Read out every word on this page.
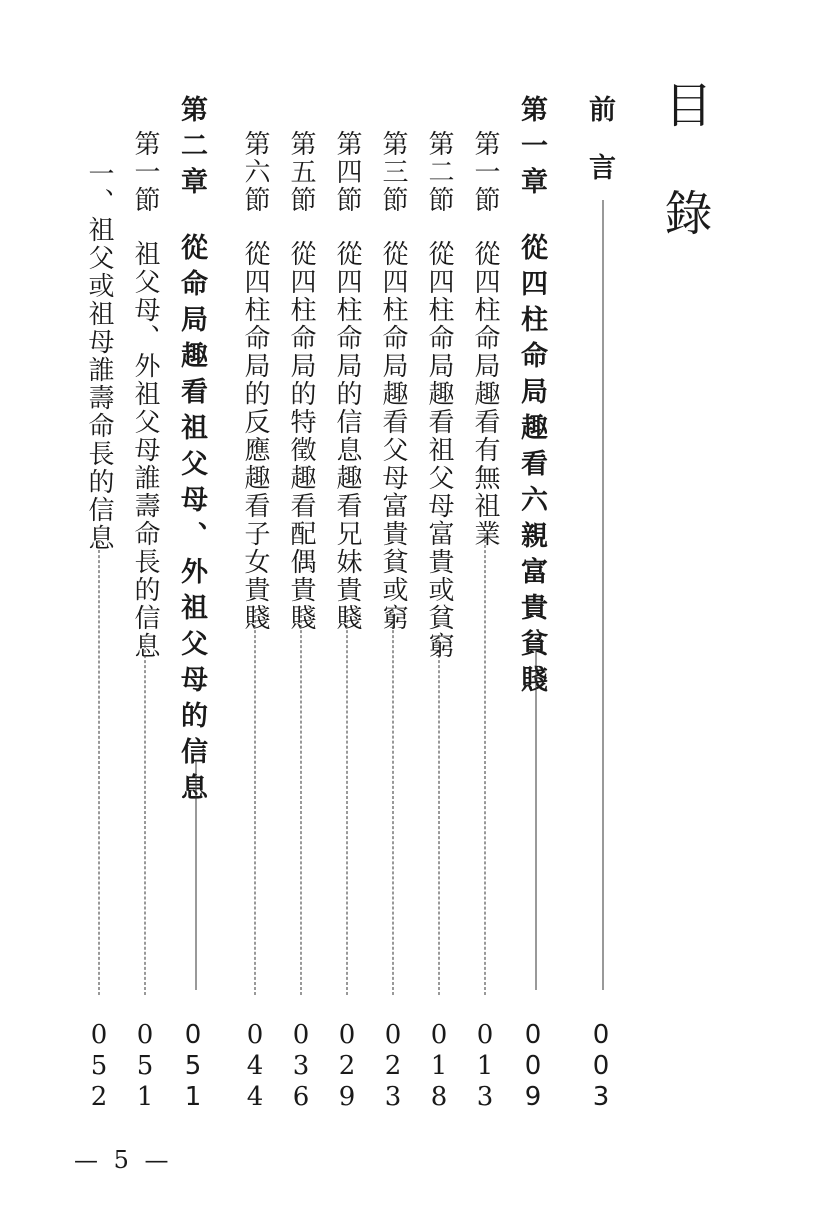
目錄
前　言
003
第一章從四柱命局趣看六親富貴貧賤
009
第一節從四柱命局趣看有無祖業
013
第二節從四柱命局趣看祖父母富貴或貧窮
018
第三節從四柱命局趣看父母富貴貧或窮
023
第四節從四柱命局的信息趣看兄妹貴賤
029
第五節從四柱命局的特徵趣看配偶貴賤
036
第六節從四柱命局的反應趣看子女貴賤
044
第二章從命局趣看祖父母、外祖父母的信息
051
第一節祖父母、外祖父母誰壽命長的信息
051
一、祖父或祖母誰壽命長的信息
052
— 5 —
